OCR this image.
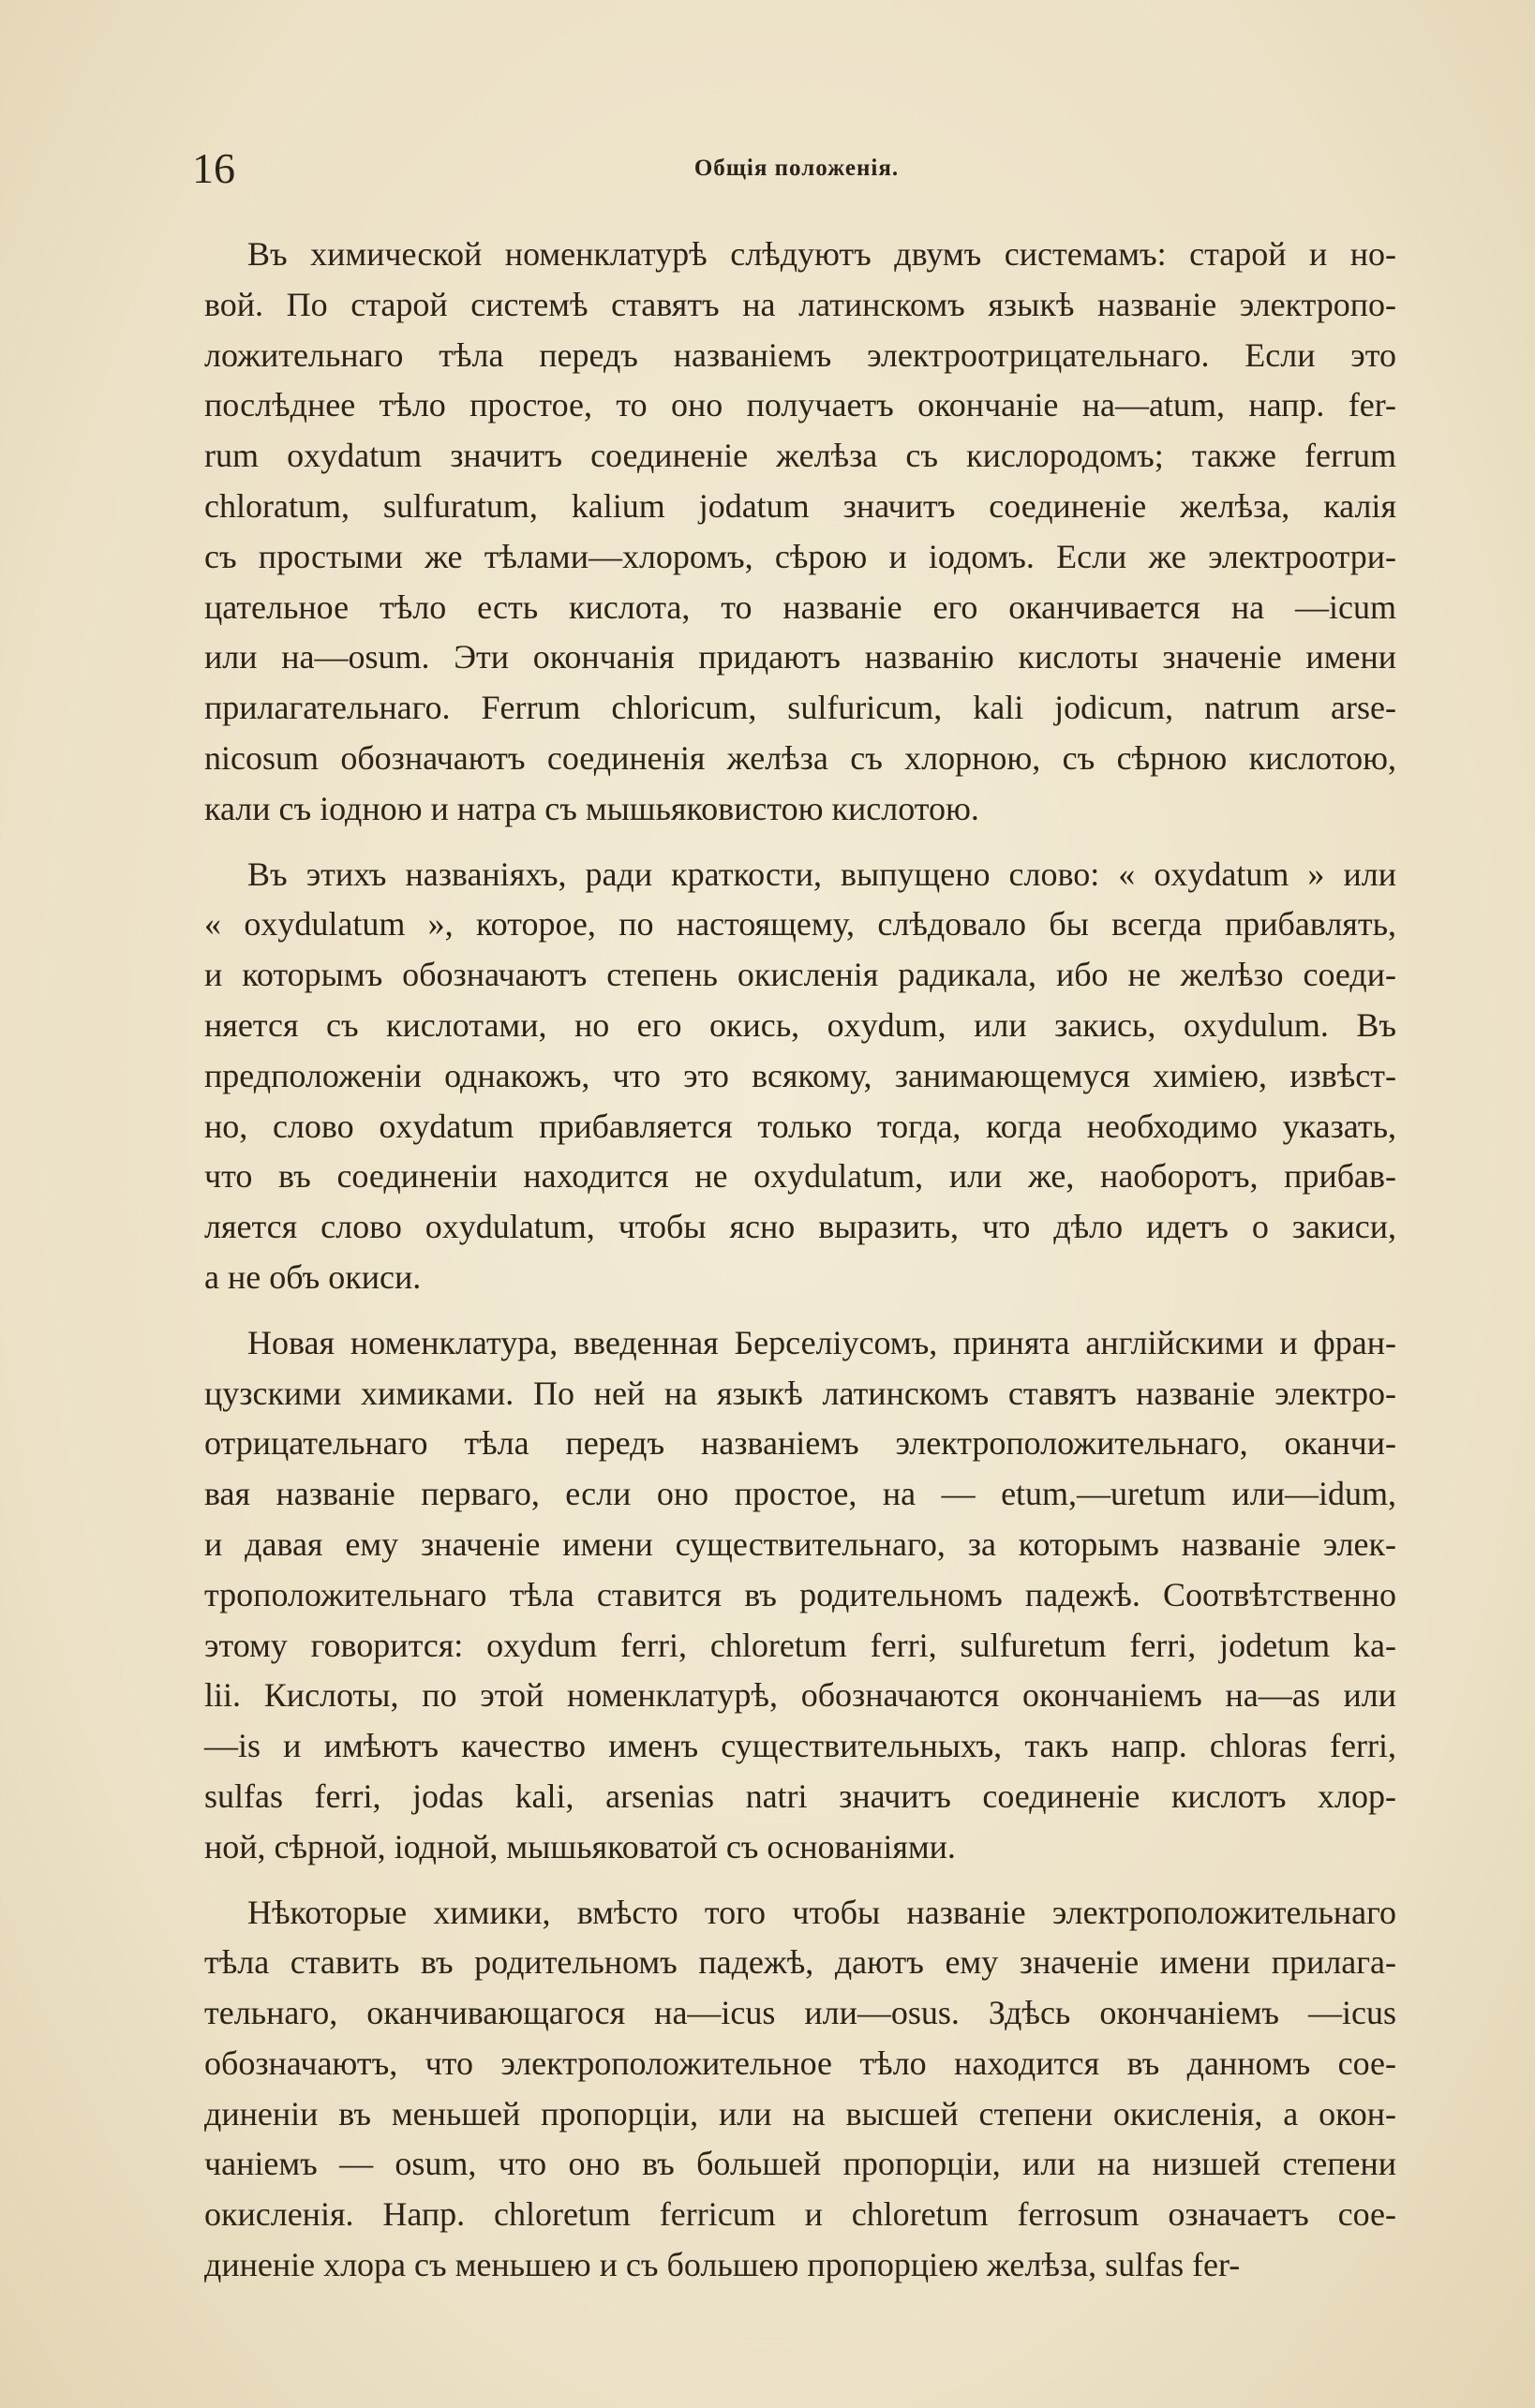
16	Общія положенія.

Въ химической номенклатурѣ слѣдуютъ двумъ системамъ: старой и но-
вой. По старой системѣ ставятъ на латинскомъ языкѣ названіе электропо-
ложительнаго тѣла передъ названіемъ электроотрицательнаго. Если это
послѣднее тѣло простое, то оно получаетъ окончаніе на—atum, напр. fer-
rum oxydatum значитъ соединеніе желѣза съ кислородомъ; также ferrum
chloratum, sulfuratum, kalium jodatum значитъ соединеніе желѣза, калія
съ простыми же тѣлами—хлоромъ, сѣрою и іодомъ. Если же электроотри-
цательное тѣло есть кислота, то названіе его оканчивается на —icum
или на—osum. Эти окончанія придаютъ названію кислоты значеніе имени
прилагательнаго. Ferrum chloricum, sulfuricum, kali jodicum, natrum arse-
nicosum обозначаютъ соединенія желѣза съ хлорною, съ сѣрною кислотою,
кали съ іодною и натра съ мышьяковистою кислотою.

Въ этихъ названіяхъ, ради краткости, выпущено слово: « oxydatum » или
« oxydulatum », которое, по настоящему, слѣдовало бы всегда прибавлять,
и которымъ обозначаютъ степень окисленія радикала, ибо не желѣзо соеди-
няется съ кислотами, но его окись, oxydum, или закись, oxydulum. Въ
предположеніи однакожъ, что это всякому, занимающемуся химіею, извѣст-
но, слово oxydatum прибавляется только тогда, когда необходимо указать,
что въ соединеніи находится не oxydulatum, или же, наоборотъ, прибав-
ляется слово oxydulatum, чтобы ясно выразить, что дѣло идетъ о закиси,
а не объ окиси.

Новая номенклатура, введенная Берселіусомъ, принята англійскими и фран-
цузскими химиками. По ней на языкѣ латинскомъ ставятъ названіе электро-
отрицательнаго тѣла передъ названіемъ электроположительнаго, оканчи-
вая названіе перваго, если оно простое, на — etum,—uretum или—idum,
и давая ему значеніе имени существительнаго, за которымъ названіе элек-
троположительнаго тѣла ставится въ родительномъ падежѣ. Соотвѣтственно
этому говорится: oxydum ferri, chloretum ferri, sulfuretum ferri, jodetum ka-
lii. Кислоты, по этой номенклатурѣ, обозначаются окончаніемъ на—as или
—is и имѣютъ качество именъ существительныхъ, такъ напр. chloras ferri,
sulfas ferri, jodas kali, arsenias natri значитъ соединеніе кислотъ хлор-
ной, сѣрной, іодной, мышьяковатой съ основаніями.

Нѣкоторые химики, вмѣсто того чтобы названіе электроположительнаго
тѣла ставить въ родительномъ падежѣ, даютъ ему значеніе имени прилага-
тельнаго, оканчивающагося на—icus или—osus. Здѣсь окончаніемъ —icus
обозначаютъ, что электроположительное тѣло находится въ данномъ сое-
диненіи въ меньшей пропорціи, или на высшей степени окисленія, а окон-
чаніемъ — osum, что оно въ большей пропорціи, или на низшей степени
окисленія. Напр. chloretum ferricum и chloretum ferrosum означаетъ сое-
диненіе хлора съ меньшею и съ большею пропорціею желѣза, sulfas fer-
